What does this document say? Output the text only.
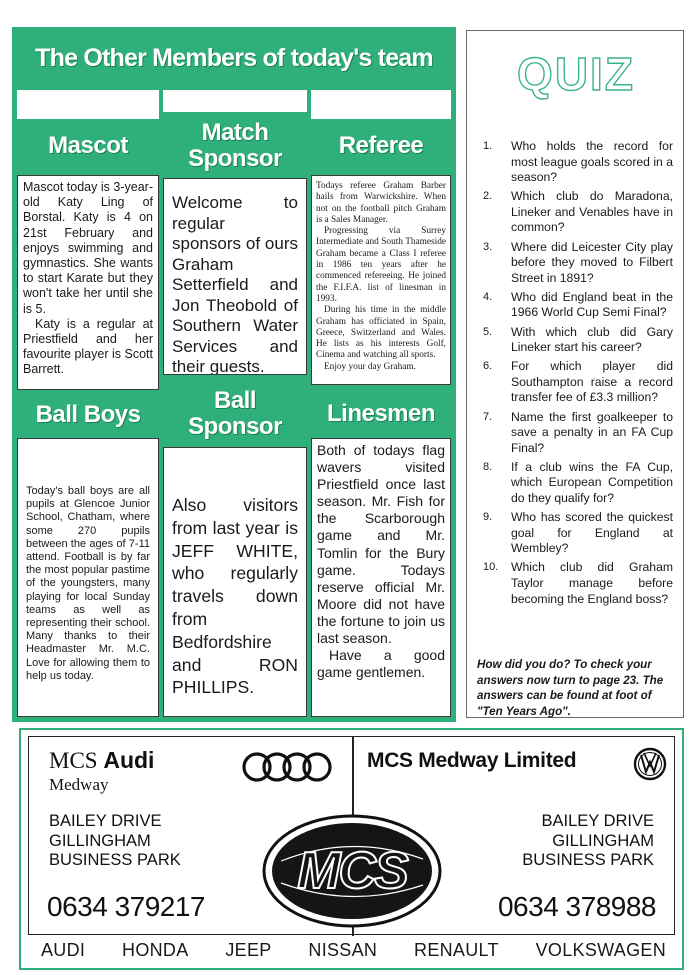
The Other Members of today's team
Mascot

Mascot today is 3-year-old Katy Ling of Borstal. Katy is 4 on 21st February and enjoys swimming and gymnastics. She wants to start Karate but they won't take her until she is 5.

Katy is a regular at Priestfield and her favourite player is Scott Barrett.

Match
Sponsor

Welcome to regular sponsors of ours Graham Setterfield and Jon Theobold of Southern Water Services and their guests.

Referee

Todays referee Graham Barber hails from Warwickshire. When not on the football pitch Graham is a Sales Manager.

Progressing via Surrey Intermediate and South Thameside Graham became a Class I referee in 1986 ten years after he commenced refereeing. He joined the F.I.F.A. list of linesman in 1993.

During his time in the middle Graham has officiated in Spain, Greece, Switzerland and Wales. He lists as his interests Golf, Cinema and watching all sports.

Enjoy your day Graham.

Ball Boys

Today's ball boys are all pupils at Glencoe Junior School, Chatham, where some 270 pupils between the ages of 7-11 attend. Football is by far the most popular pastime of the youngsters, many playing for local Sunday teams as well as representing their school. Many thanks to their Headmaster Mr. M.C. Love for allowing them to help us today.

Ball
Sponsor

Also visitors from last year is JEFF WHITE, who regularly travels down from Bedfordshire and RON PHILLIPS.

Linesmen

Both of todays flag wavers visited Priestfield once last season. Mr. Fish for the Scarborough game and Mr. Tomlin for the Bury game. Todays reserve official Mr. Moore did not have the fortune to join us last season.

Have a good game gentlemen.

QUIZ
1.	Who holds the record for most league goals scored in a season?
2.	Which club do Maradona, Lineker and Venables have in common?
3.	Where did Leicester City play before they moved to Filbert Street in 1891?
4.	Who did England beat in the 1966 World Cup Semi Final?
5.	With which club did Gary Lineker start his career?
6.	For which player did Southampton raise a record transfer fee of £3.3 million?
7.	Name the first goalkeeper to save a penalty in an FA Cup Final?
8.	If a club wins the FA Cup, which European Competition do they qualify for?
9.	Who has scored the quickest goal for England at Wembley?
10.	Which club did Graham Taylor manage before becoming the England boss?

How did you do? To check your answers now turn to page 23. The answers can be found at foot of "Ten Years Ago".

MCS Audi
Medway
BAILEY DRIVE
GILLINGHAM
BUSINESS PARK
0634 379217
MCS Medway Limited
BAILEY DRIVE
GILLINGHAM
BUSINESS PARK
0634 378988
MCS
AUDI HONDA JEEP NISSAN RENAULT VOLKSWAGEN
